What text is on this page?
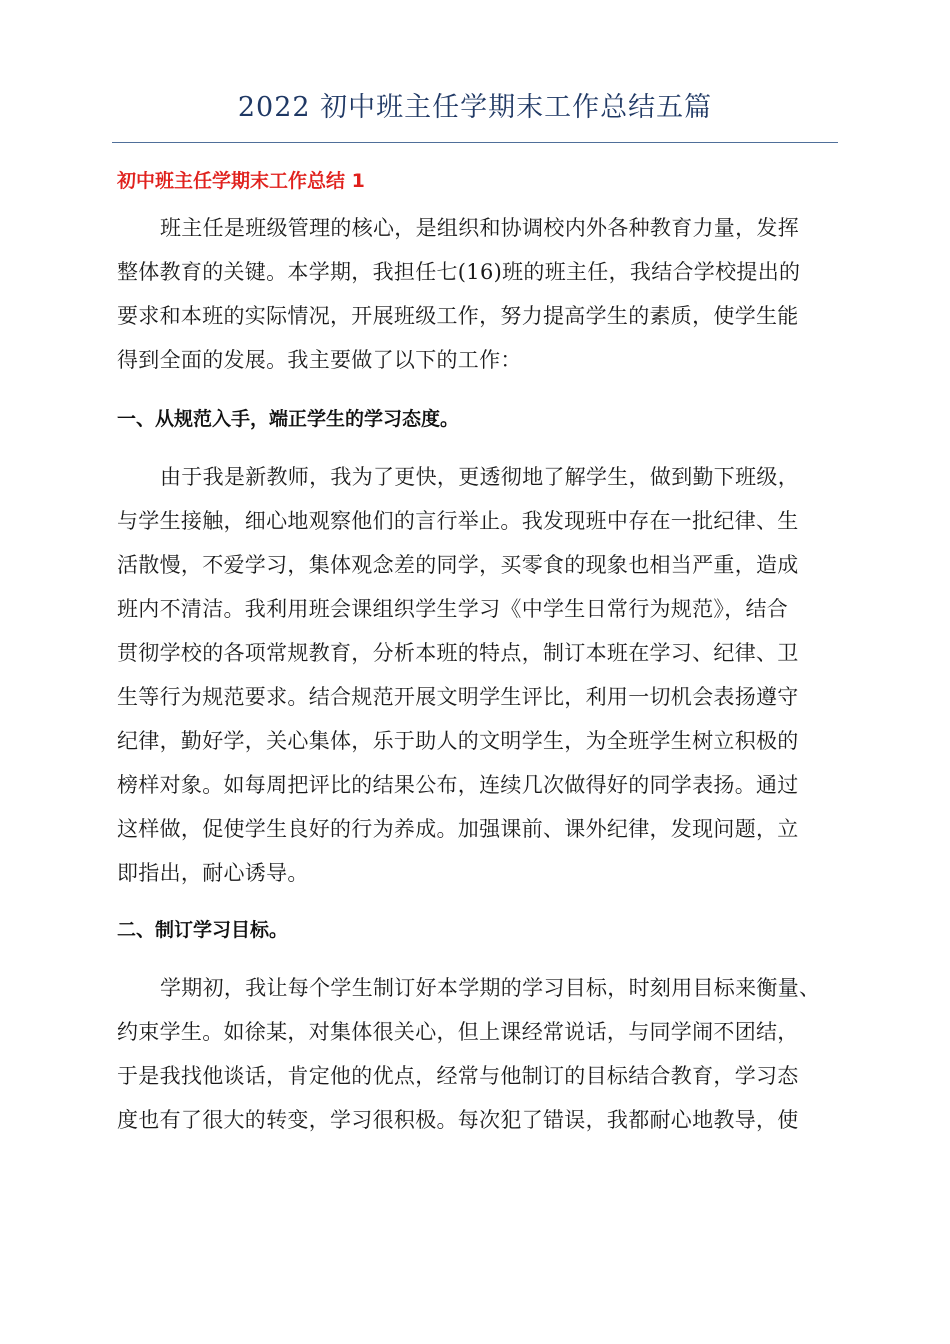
2022 初中班主任学期末工作总结五篇
初中班主任学期末工作总结 1
班主任是班级管理的核心，是组织和协调校内外各种教育力量，发挥
整体教育的关键。本学期，我担任七(16)班的班主任，我结合学校提出的
要求和本班的实际情况，开展班级工作，努力提高学生的素质，使学生能
得到全面的发展。我主要做了以下的工作：
一、从规范入手，端正学生的学习态度。
由于我是新教师，我为了更快，更透彻地了解学生，做到勤下班级，
与学生接触，细心地观察他们的言行举止。我发现班中存在一批纪律、生
活散慢，不爱学习，集体观念差的同学，买零食的现象也相当严重，造成
班内不清洁。我利用班会课组织学生学习《中学生日常行为规范》，结合
贯彻学校的各项常规教育，分析本班的特点，制订本班在学习、纪律、卫
生等行为规范要求。结合规范开展文明学生评比，利用一切机会表扬遵守
纪律，勤好学，关心集体，乐于助人的文明学生，为全班学生树立积极的
榜样对象。如每周把评比的结果公布，连续几次做得好的同学表扬。通过
这样做，促使学生良好的行为养成。加强课前、课外纪律，发现问题，立
即指出，耐心诱导。
二、制订学习目标。
学期初，我让每个学生制订好本学期的学习目标，时刻用目标来衡量、
约束学生。如徐某，对集体很关心，但上课经常说话，与同学闹不团结，
于是我找他谈话，肯定他的优点，经常与他制订的目标结合教育，学习态
度也有了很大的转变，学习很积极。每次犯了错误，我都耐心地教导，使
